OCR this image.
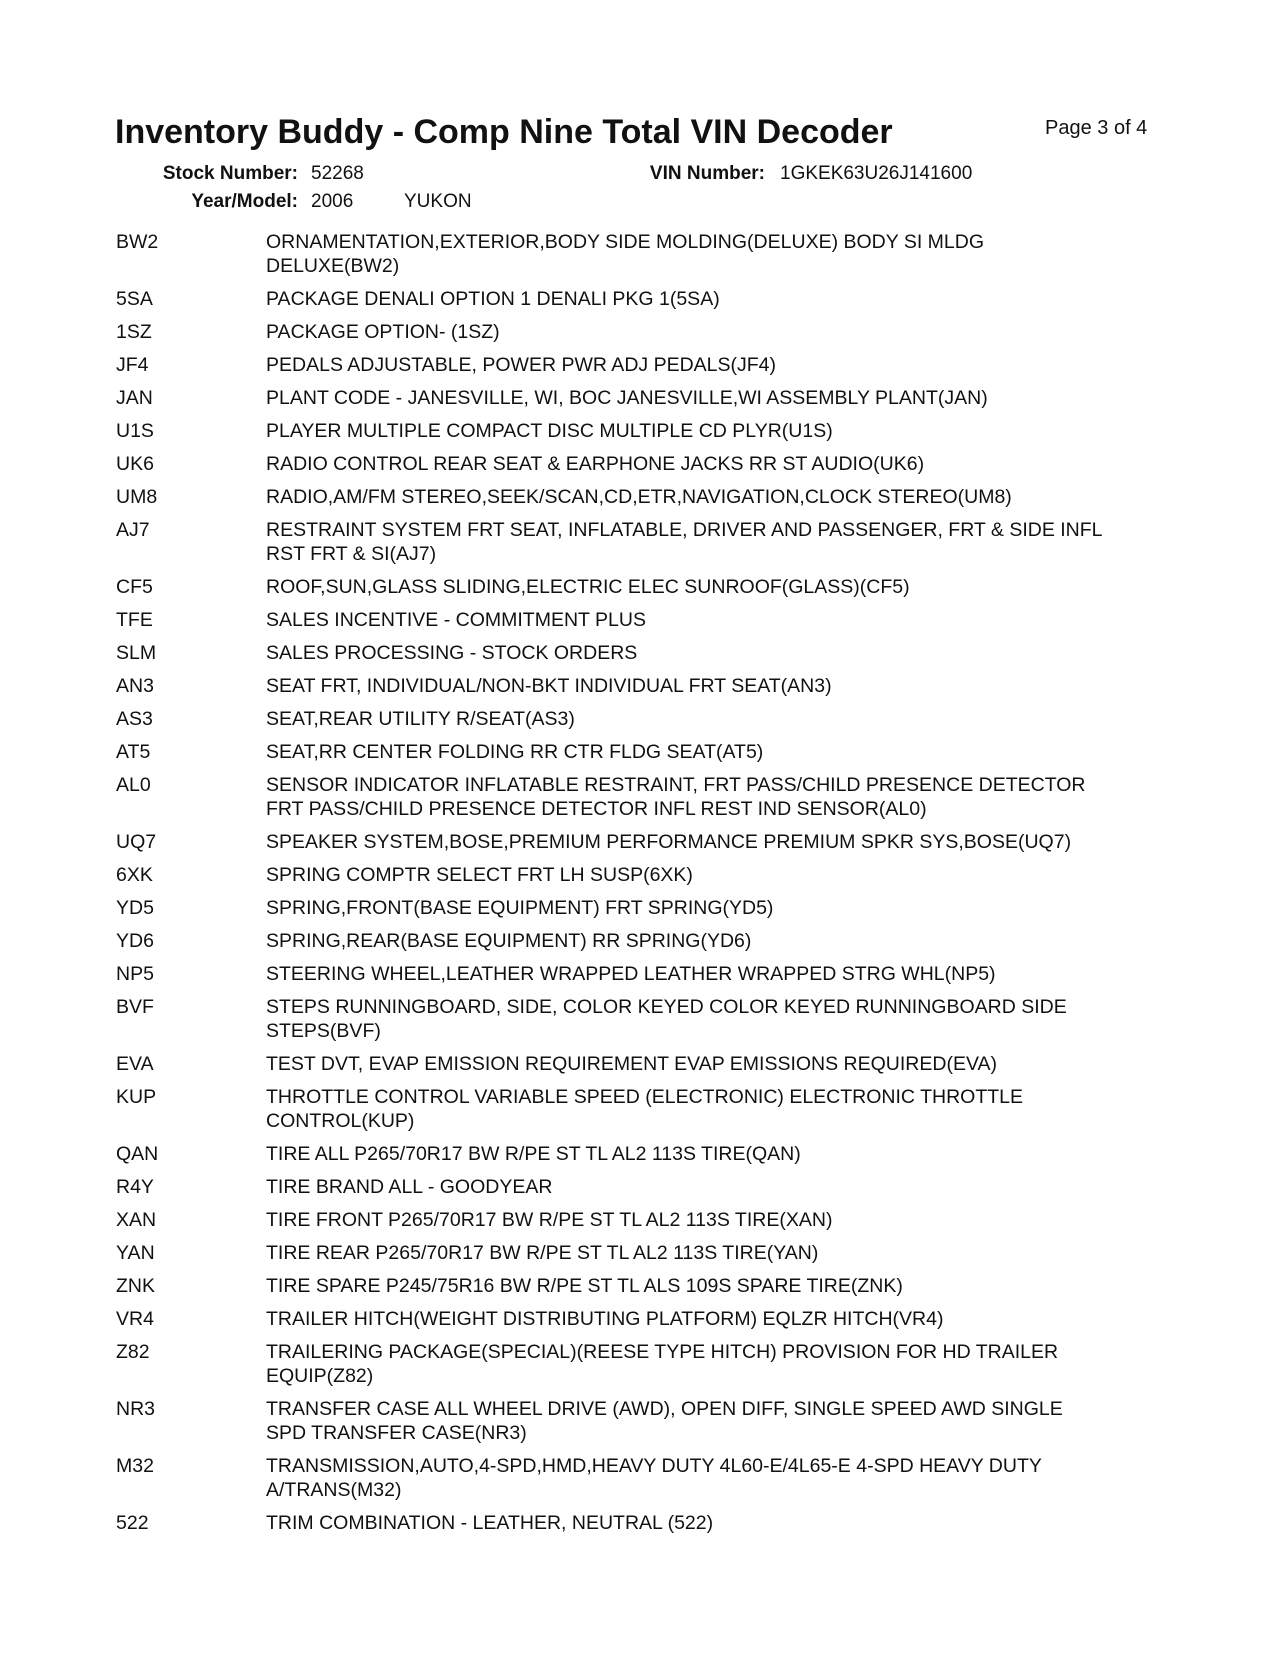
Inventory Buddy - Comp Nine Total VIN Decoder	Page 3 of 4
Stock Number: 52268	VIN Number: 1GKEK63U26J141600
Year/Model: 2006	YUKON
BW2	ORNAMENTATION,EXTERIOR,BODY SIDE MOLDING(DELUXE) BODY SI MLDG
DELUXE(BW2)
5SA	PACKAGE DENALI OPTION 1 DENALI PKG 1(5SA)
1SZ	PACKAGE OPTION- (1SZ)
JF4	PEDALS ADJUSTABLE, POWER PWR ADJ PEDALS(JF4)
JAN	PLANT CODE - JANESVILLE, WI, BOC JANESVILLE,WI ASSEMBLY PLANT(JAN)
U1S	PLAYER MULTIPLE COMPACT DISC MULTIPLE CD PLYR(U1S)
UK6	RADIO CONTROL REAR SEAT & EARPHONE JACKS RR ST AUDIO(UK6)
UM8	RADIO,AM/FM STEREO,SEEK/SCAN,CD,ETR,NAVIGATION,CLOCK STEREO(UM8)
AJ7	RESTRAINT SYSTEM FRT SEAT, INFLATABLE, DRIVER AND PASSENGER, FRT & SIDE INFL
RST FRT & SI(AJ7)
CF5	ROOF,SUN,GLASS SLIDING,ELECTRIC ELEC SUNROOF(GLASS)(CF5)
TFE	SALES INCENTIVE - COMMITMENT PLUS
SLM	SALES PROCESSING - STOCK ORDERS
AN3	SEAT FRT, INDIVIDUAL/NON-BKT INDIVIDUAL FRT SEAT(AN3)
AS3	SEAT,REAR UTILITY R/SEAT(AS3)
AT5	SEAT,RR CENTER FOLDING RR CTR FLDG SEAT(AT5)
AL0	SENSOR INDICATOR INFLATABLE RESTRAINT, FRT PASS/CHILD PRESENCE DETECTOR
FRT PASS/CHILD PRESENCE DETECTOR INFL REST IND SENSOR(AL0)
UQ7	SPEAKER SYSTEM,BOSE,PREMIUM PERFORMANCE PREMIUM SPKR SYS,BOSE(UQ7)
6XK	SPRING COMPTR SELECT FRT LH SUSP(6XK)
YD5	SPRING,FRONT(BASE EQUIPMENT) FRT SPRING(YD5)
YD6	SPRING,REAR(BASE EQUIPMENT) RR SPRING(YD6)
NP5	STEERING WHEEL,LEATHER WRAPPED LEATHER WRAPPED STRG WHL(NP5)
BVF	STEPS RUNNINGBOARD, SIDE, COLOR KEYED COLOR KEYED RUNNINGBOARD SIDE
STEPS(BVF)
EVA	TEST DVT, EVAP EMISSION REQUIREMENT EVAP EMISSIONS REQUIRED(EVA)
KUP	THROTTLE CONTROL VARIABLE SPEED (ELECTRONIC) ELECTRONIC THROTTLE
CONTROL(KUP)
QAN	TIRE ALL P265/70R17 BW R/PE ST TL AL2 113S TIRE(QAN)
R4Y	TIRE BRAND ALL - GOODYEAR
XAN	TIRE FRONT P265/70R17 BW R/PE ST TL AL2 113S TIRE(XAN)
YAN	TIRE REAR P265/70R17 BW R/PE ST TL AL2 113S TIRE(YAN)
ZNK	TIRE SPARE P245/75R16 BW R/PE ST TL ALS 109S SPARE TIRE(ZNK)
VR4	TRAILER HITCH(WEIGHT DISTRIBUTING PLATFORM) EQLZR HITCH(VR4)
Z82	TRAILERING PACKAGE(SPECIAL)(REESE TYPE HITCH) PROVISION FOR HD TRAILER
EQUIP(Z82)
NR3	TRANSFER CASE ALL WHEEL DRIVE (AWD), OPEN DIFF, SINGLE SPEED AWD SINGLE
SPD TRANSFER CASE(NR3)
M32	TRANSMISSION,AUTO,4-SPD,HMD,HEAVY DUTY 4L60-E/4L65-E 4-SPD HEAVY DUTY
A/TRANS(M32)
522	TRIM COMBINATION - LEATHER, NEUTRAL (522)
